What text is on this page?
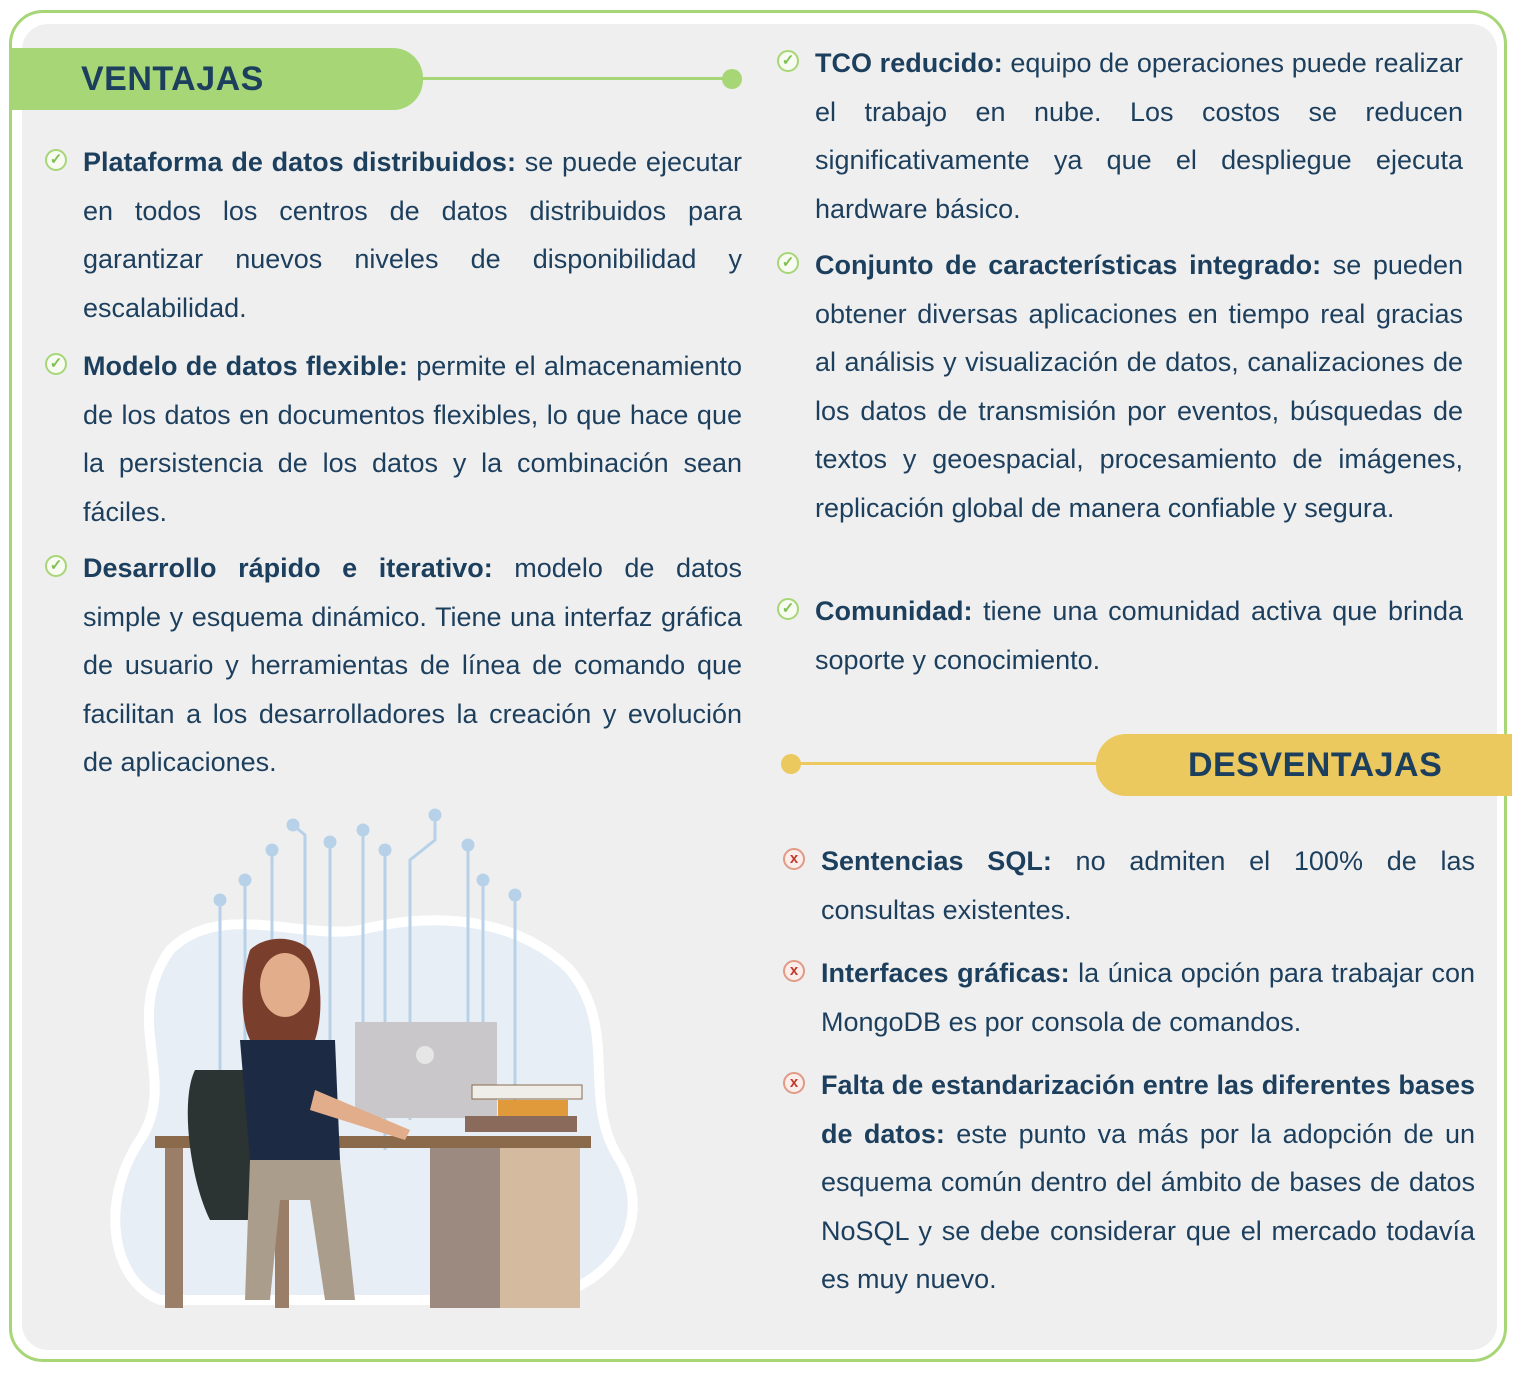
VENTAJAS
✓ Plataforma de datos distribuidos: se puede ejecutar en todos los centros de datos distribuidos para garantizar nuevos niveles de disponibilidad y escalabilidad.
✓ Modelo de datos flexible: permite el almacenamiento de los datos en documentos flexibles, lo que hace que la persistencia de los datos y la combinación sean fáciles.
✓ Desarrollo rápido e iterativo: modelo de datos simple y esquema dinámico. Tiene una interfaz gráfica de usuario y herramientas de línea de comando que facilitan a los desarrolladores la creación y evolución de aplicaciones.
✓ TCO reducido: equipo de operaciones puede realizar el trabajo en nube. Los costos se reducen significativamente ya que el despliegue ejecuta hardware básico.
✓ Conjunto de características integrado: se pueden obtener diversas aplicaciones en tiempo real gracias al análisis y visualización de datos, canalizaciones de los datos de transmisión por eventos, búsquedas de textos y geoespacial, procesamiento de imágenes, replicación global de manera confiable y segura.
✓ Comunidad: tiene una comunidad activa que brinda soporte y conocimiento.
DESVENTAJAS
x Sentencias SQL: no admiten el 100% de las consultas existentes.
x Interfaces gráficas: la única opción para trabajar con MongoDB es por consola de comandos.
x Falta de estandarización entre las diferentes bases de datos: este punto va más por la adopción de un esquema común dentro del ámbito de bases de datos NoSQL y se debe considerar que el mercado todavía es muy nuevo.
